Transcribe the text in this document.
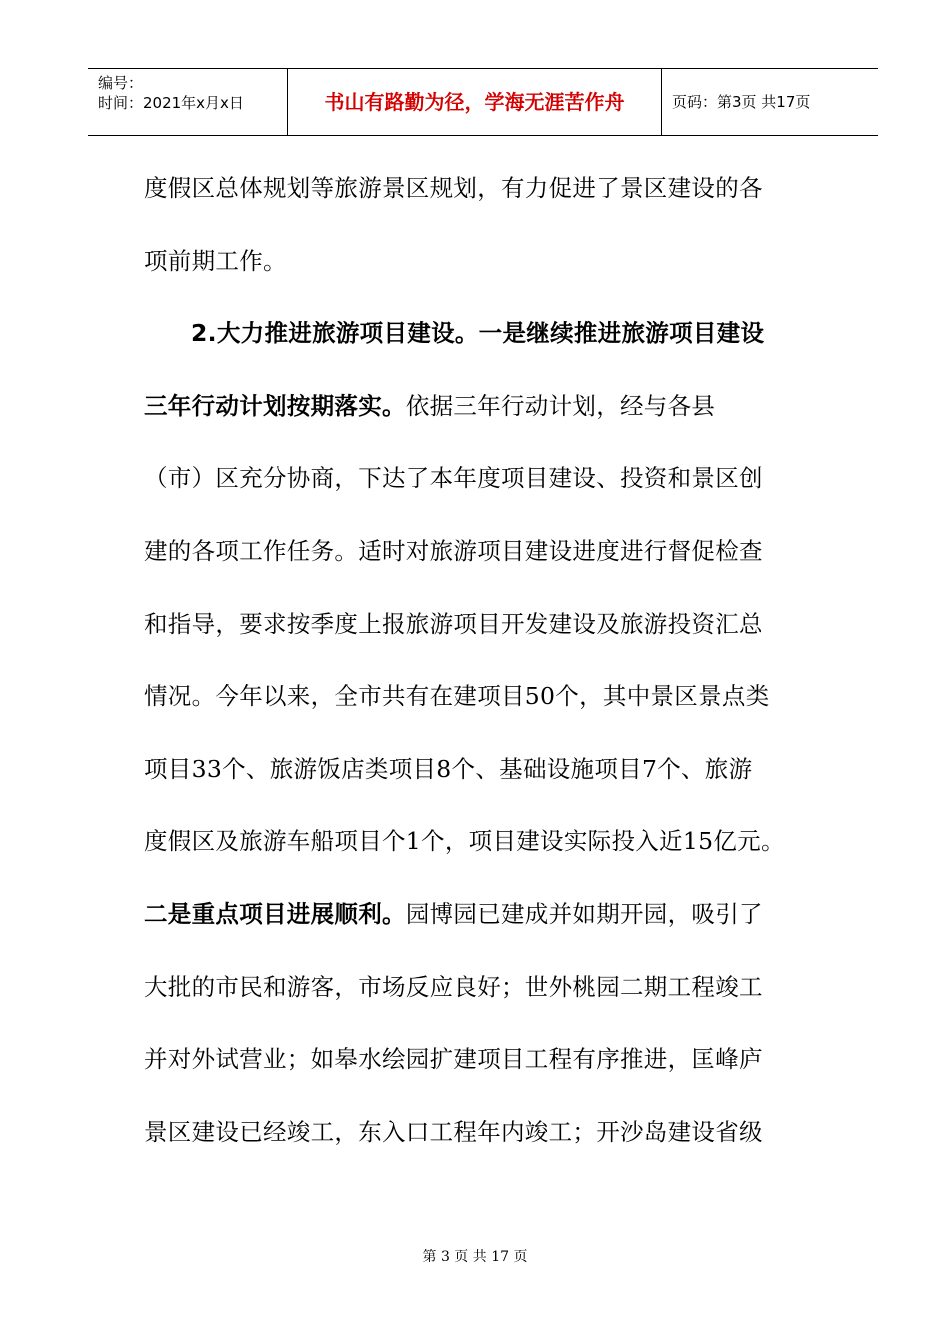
编号：
时间：2021年x月x日	书山有路勤为径，学海无涯苦作舟	页码：第3页 共17页
度假区总体规划等旅游景区规划，有力促进了景区建设的各
项前期工作。
2.大力推进旅游项目建设。一是继续推进旅游项目建设
三年行动计划按期落实。依据三年行动计划，经与各县
（市）区充分协商，下达了本年度项目建设、投资和景区创
建的各项工作任务。适时对旅游项目建设进度进行督促检查
和指导，要求按季度上报旅游项目开发建设及旅游投资汇总
情况。今年以来，全市共有在建项目50个，其中景区景点类
项目33个、旅游饭店类项目8个、基础设施项目7个、旅游
度假区及旅游车船项目个1个，项目建设实际投入近15亿元。
二是重点项目进展顺利。园博园已建成并如期开园，吸引了
大批的市民和游客，市场反应良好；世外桃园二期工程竣工
并对外试营业；如皋水绘园扩建项目工程有序推进，匡峰庐
景区建设已经竣工，东入口工程年内竣工；开沙岛建设省级
第 3 页 共 17 页
